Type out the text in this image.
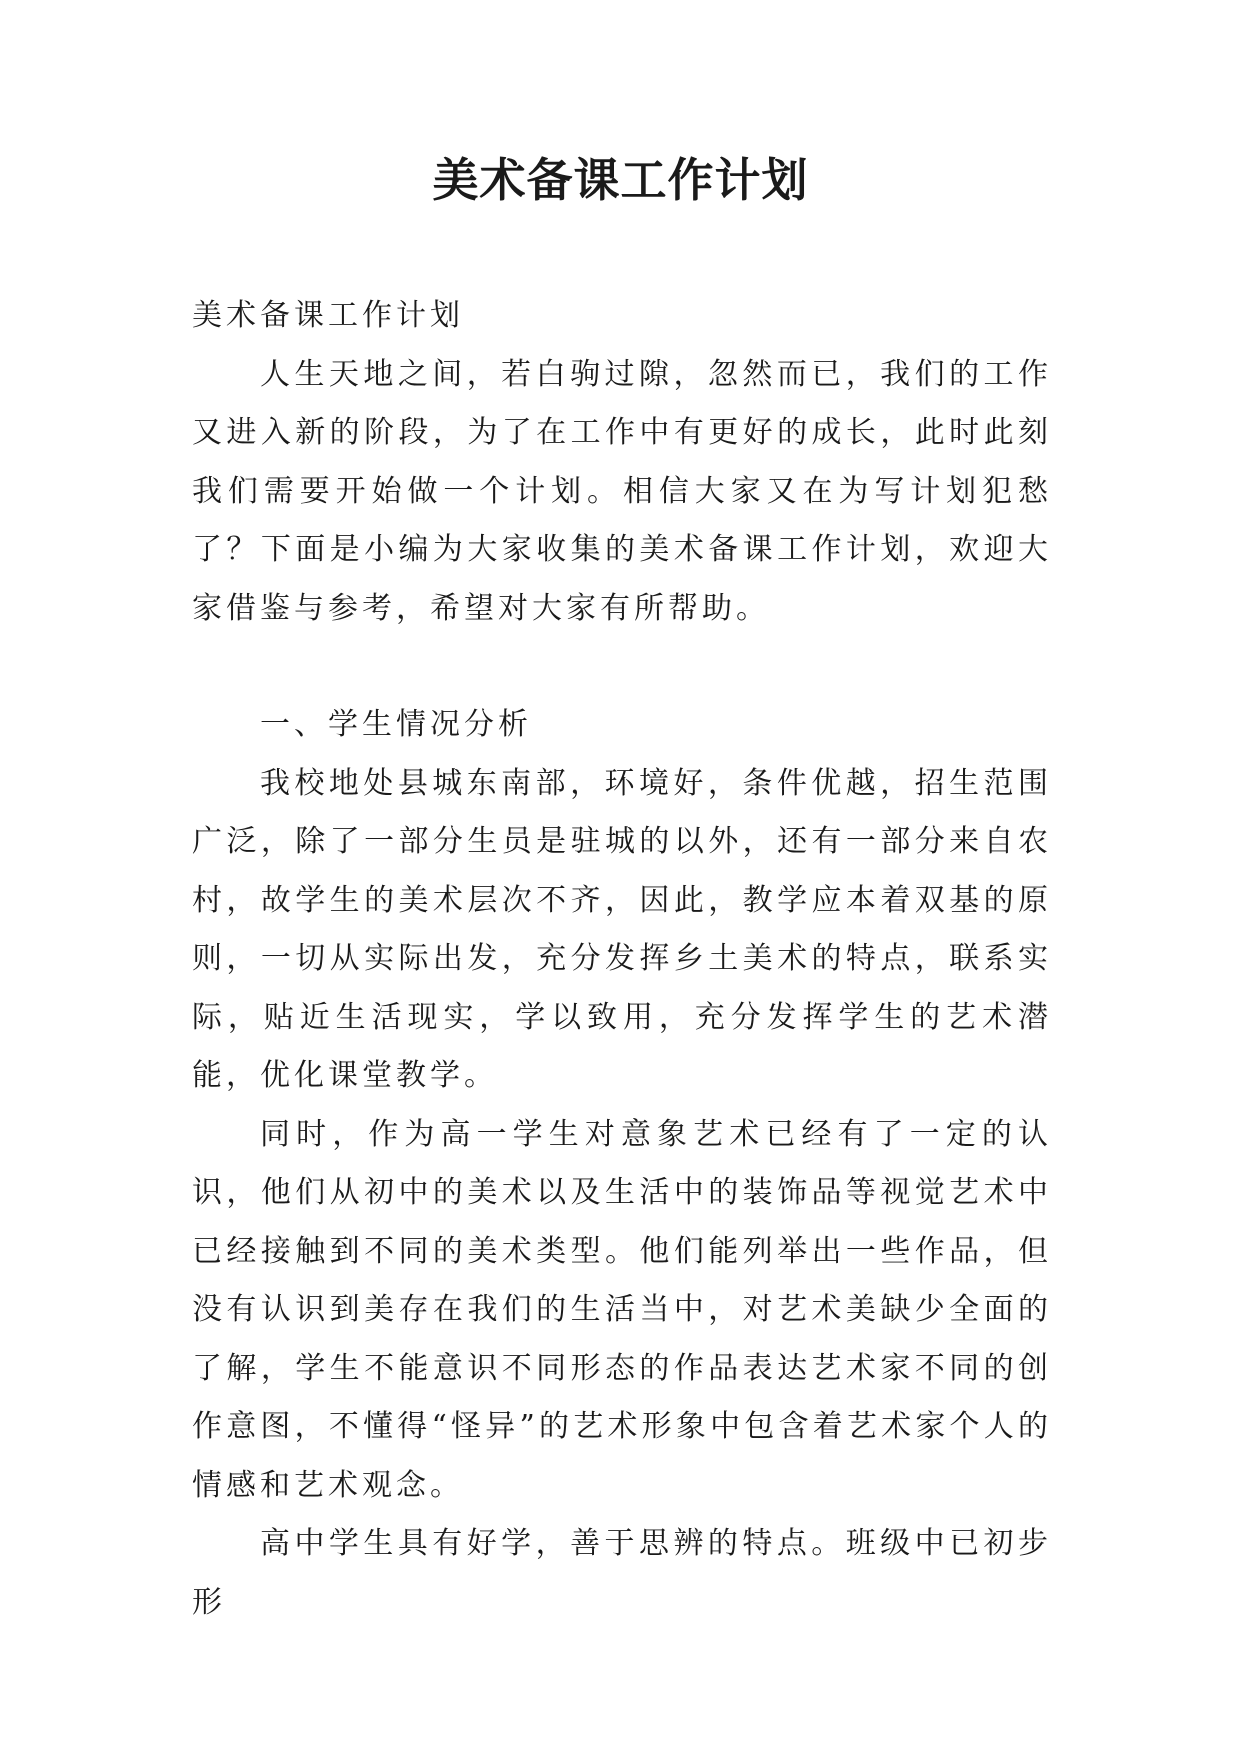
美术备课工作计划

美术备课工作计划

人生天地之间，若白驹过隙，忽然而已，我们的工作又进入新的阶段，为了在工作中有更好的成长，此时此刻我们需要开始做一个计划。相信大家又在为写计划犯愁了？下面是小编为大家收集的美术备课工作计划，欢迎大家借鉴与参考，希望对大家有所帮助。

一、学生情况分析

我校地处县城东南部，环境好，条件优越，招生范围广泛，除了一部分生员是驻城的以外，还有一部分来自农村，故学生的美术层次不齐，因此，教学应本着双基的原则，一切从实际出发，充分发挥乡土美术的特点，联系实际，贴近生活现实，学以致用，充分发挥学生的艺术潜能，优化课堂教学。

同时，作为高一学生对意象艺术已经有了一定的认识，他们从初中的美术以及生活中的装饰品等视觉艺术中已经接触到不同的美术类型。他们能列举出一些作品，但没有认识到美存在我们的生活当中，对艺术美缺少全面的了解，学生不能意识不同形态的作品表达艺术家不同的创作意图，不懂得“怪异”的艺术形象中包含着艺术家个人的情感和艺术观念。

高中学生具有好学，善于思辨的特点。班级中已初步形
